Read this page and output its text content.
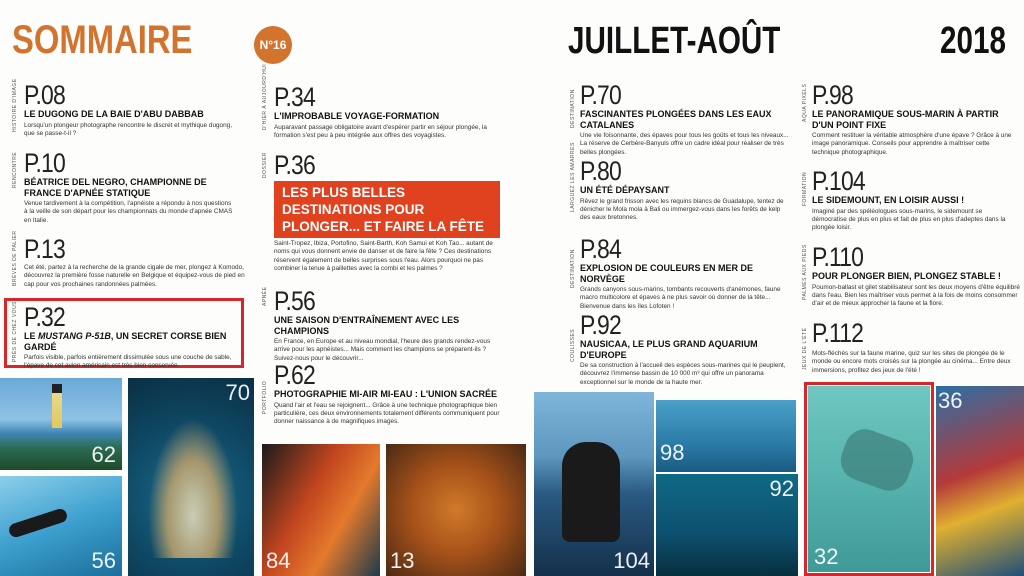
SOMMAIRE	N°16	JUILLET-AOÛT	2018
HISTOIRE D'IMAGE P.08
LE DUGONG DE LA BAIE D'ABU DABBAB
Lorsqu'un plongeur photographe rencontre le discret et mythique dugong, que se passe-t-il ?
RENCONTRE P.10
BÉATRICE DEL NEGRO, CHAMPIONNE DE FRANCE D'APNÉE STATIQUE
Venue tardivement à la compétition, l'apnéiste a répondu à nos questions à la veille de son départ pour les championnats du monde d'apnée CMAS en Italie.
BRÈVES DE PALIER P.13
Cet été, partez à la recherche de la grande cigale de mer, plongez à Komodo, découvrez la première fosse naturelle en Belgique et équipez-vous de pied en cap pour vos prochaines randonnées palmées.
PRÈS DE CHEZ VOUS P.32
LE MUSTANG P-51B, UN SECRET CORSE BIEN GARDÉ
Parfois visible, parfois entièrement dissimulée sous une couche de sable, l'épave de cet avion américain est très bien conservée.
D'HIER À AUJOURD'HUI P.34
L'IMPROBABLE VOYAGE-FORMATION
Auparavant passage obligatoire avant d'espérer partir en séjour plongée, la formation s'est peu à peu intégrée aux offres des voyagistes.
DOSSIER P.36
LES PLUS BELLES DESTINATIONS POUR PLONGER... ET FAIRE LA FÊTE
Saint-Tropez, Ibiza, Portofino, Saint-Barth, Koh Samui et Koh Tao... autant de noms qui vous donnent envie de danser et de faire la fête ? Ces destinations réservent également de belles surprises sous l'eau. Alors pourquoi ne pas combiner la tenue à paillettes avec la combi et les palmes ?
APNÉE P.56
UNE SAISON D'ENTRAÎNEMENT AVEC LES CHAMPIONS
En France, en Europe et au niveau mondial, l'heure des grands rendez-vous arrive pour les apnéistes... Mais comment les champions se préparent-ils ? Suivez-nous pour le découvrir...
PORTFOLIO
P.62
PHOTOGRAPHIE MI-AIR MI-EAU : L'UNION SACRÉE
Quand l'air et l'eau se rejoignent... Grâce à une technique photographique bien particulière, ces deux environnements totalement différents communiquent pour donner naissance à de magnifiques images.
DESTINATION P.70
FASCINANTES PLONGÉES DANS LES EAUX CATALANES
Une vie foisonnante, des épaves pour tous les goûts et tous les niveaux... La réserve de Cerbère-Banyuls offre un cadre idéal pour réaliser de très belles plongées.
LARGUEZ LES AMARRES P.80
UN ÉTÉ DÉPAYSANT
Rêvez le grand frisson avec les requins blancs de Guadalupe, tentez de dénicher le Mola mola à Bali ou immergez-vous dans les forêts de kelp des eaux bretonnes.
DESTINATION
P.84
EXPLOSION DE COULEURS EN MER DE NORVÈGE
Grands canyons sous-marins, tombants recouverts d'anémones, faune macro multicolore et épaves à ne plus savoir où donner de la tête... Bienvenue dans les îles Lofoten !
COULISSES
P.92
NAUSICAA, LE PLUS GRAND AQUARIUM D'EUROPE
De sa construction à l'accueil des espèces sous-marines qui le peuplent, découvrez l'immense bassin de 10 000 m³ qui offre un panorama exceptionnel sur le monde de la haute mer.
AQUA PIXELS P.98
LE PANORAMIQUE SOUS-MARIN À PARTIR D'UN POINT FIXE
Comment restituer la véritable atmosphère d'une épave ? Grâce à une image panoramique. Conseils pour apprendre à maîtriser cette technique photographique.
FORMATION P.104
LE SIDEMOUNT, EN LOISIR AUSSI !
Imaginé par des spéléologues sous-marins, le sidemount se démocratise de plus en plus et fait de plus en plus d'adeptes dans la plongée loisir.
PALMES AUX PIEDS P.110
POUR PLONGER BIEN, PLONGEZ STABLE !
Poumon-ballast et gilet stabilisateur sont les deux moyens d'être équilibré dans l'eau. Bien les maîtriser vous permet à la fois de moins consommer d'air et de mieux approcher la faune et la flore.
JEUX DE L'ÉTÉ P.112
Mots-fléchés sur la faune marine, quiz sur les sites de plongée de le monde ou encore mots croisés sur la plongée au cinéma... Entre deux immersions, profitez des jeux de l'été !
62
56
70
84	13	104
98
92
32
36
